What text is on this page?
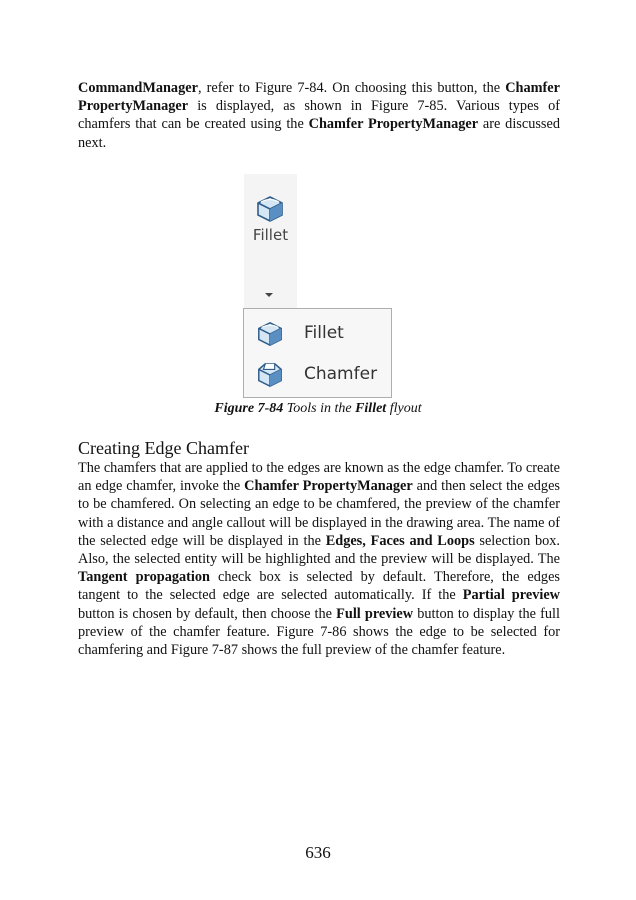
CommandManager, refer to Figure 7-84. On choosing this button, the Chamfer PropertyManager is displayed, as shown in Figure 7-85. Various types of chamfers that can be created using the Chamfer PropertyManager are discussed next.
Fillet
Fillet
Chamfer
Figure 7-84 Tools in the Fillet flyout
Creating Edge Chamfer
The chamfers that are applied to the edges are known as the edge chamfer. To create an edge chamfer, invoke the Chamfer PropertyManager and then select the edges to be chamfered. On selecting an edge to be chamfered, the preview of the chamfer with a distance and angle callout will be displayed in the drawing area. The name of the selected edge will be displayed in the Edges, Faces and Loops selection box. Also, the selected entity will be highlighted and the preview will be displayed. The Tangent propagation check box is selected by default. Therefore, the edges tangent to the selected edge are selected automatically. If the Partial preview button is chosen by default, then choose the Full preview button to display the full preview of the chamfer feature. Figure 7-86 shows the edge to be selected for chamfering and Figure 7-87 shows the full preview of the chamfer feature.
636
